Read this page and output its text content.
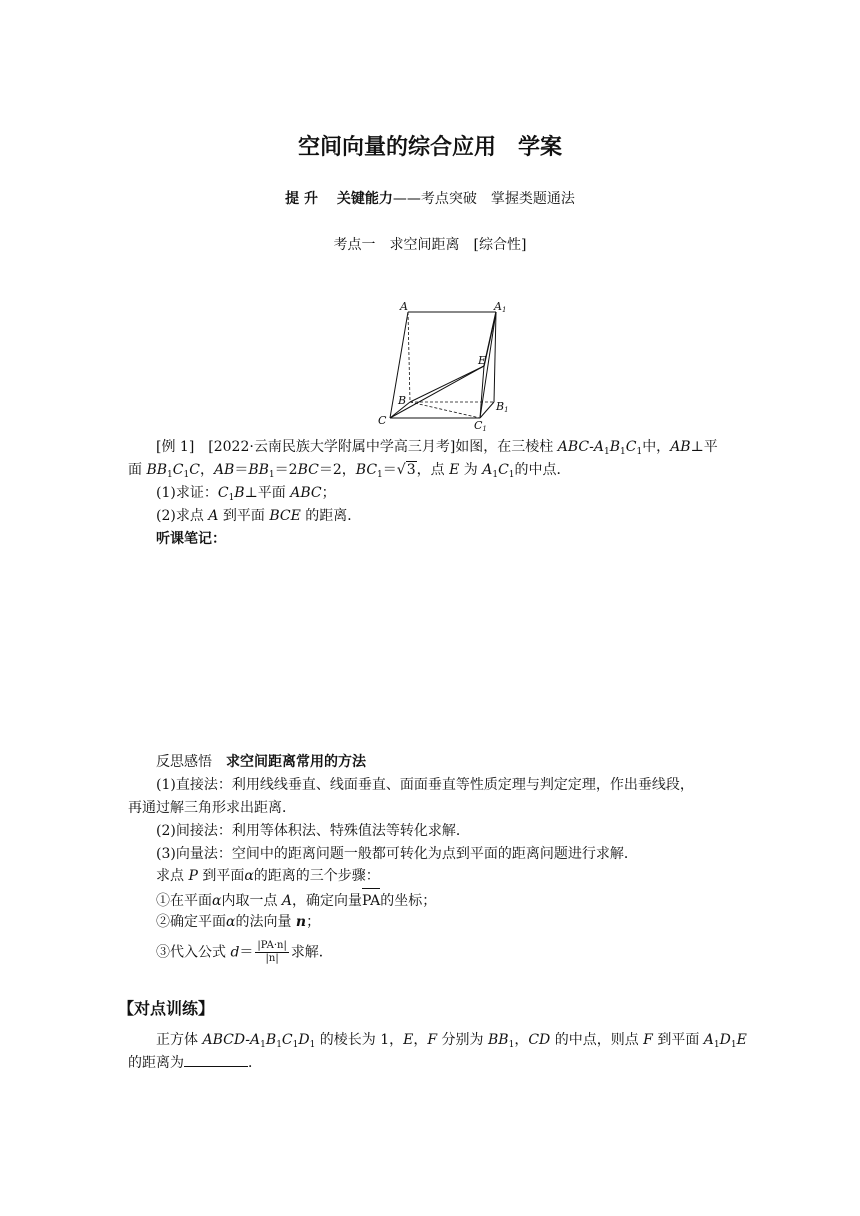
空间向量的综合应用　学案
提 升　 关键能力——考点突破　掌握类题通法
考点一　求空间距离　[综合性]
A	A1
E
B	B1
C	C1
[例 1]　 [2022·云南民族大学附属中学高三月考]如图，在三棱柱 ABC-$A_1B_1C_1$中，AB⊥平
面 $BB_1C_1C$，$AB=BB_1=2BC=2$，$BC_1=√3$，点 E 为 $A_1C_1$的中点．
(1)求证：$C_1B\perp$平面 ABC；
(2)求点 A 到平面 BCE 的距离．
听课笔记：
反思感悟　求空间距离常用的方法
(1)直接法：利用线线垂直、线面垂直、面面垂直等性质定理与判定定理，作出垂线段，
再通过解三角形求出距离．
(2)间接法：利用等体积法、特殊值法等转化求解．
(3)向量法：空间中的距离问题一般都可转化为点到平面的距离问题进行求解．
求点 P 到平面α的距离的三个步骤：
①在平面α内取一点 A，确定向量PA的坐标；
②确定平面α的法向量 n；
③代入公式 $d= \frac{|PA\cdot n|}{|n|}$ 求解．
【对点训练】
正方体 ABCD-$A_1B_1C_1D_1$ 的棱长为 1，E，F 分别为 $BB_1$，CD 的中点，则点 F 到平面 $A_1D_1E$
的距离为	．
